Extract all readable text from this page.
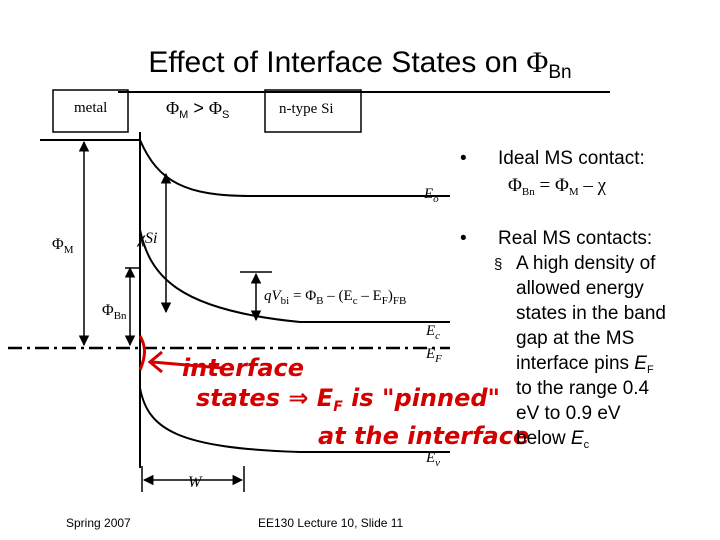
Effect of Interface States on $\Phi_{Bn}$
metal	$\Phi_M > \Phi_S$	n-type Si
$E_o$
χSi
$\Phi_M$
$\Phi_{Bn}$
$qV_{bi} = \Phi_B - (E_c - E_F)_{FB}$
$E_c$
$E_F$
$E_v$
W
interface
states ⇒ $E_F$ is "pinned"
at the interface
• Ideal MS contact:
$\Phi_{Bn} = \Phi_M - \chi$
• Real MS contacts:
§ A high density of
allowed energy
states in the band
gap at the MS
interface pins $E_F$
to the range 0.4
eV to 0.9 eV
below $E_c$
Spring 2007	EE130 Lecture 10, Slide 11
